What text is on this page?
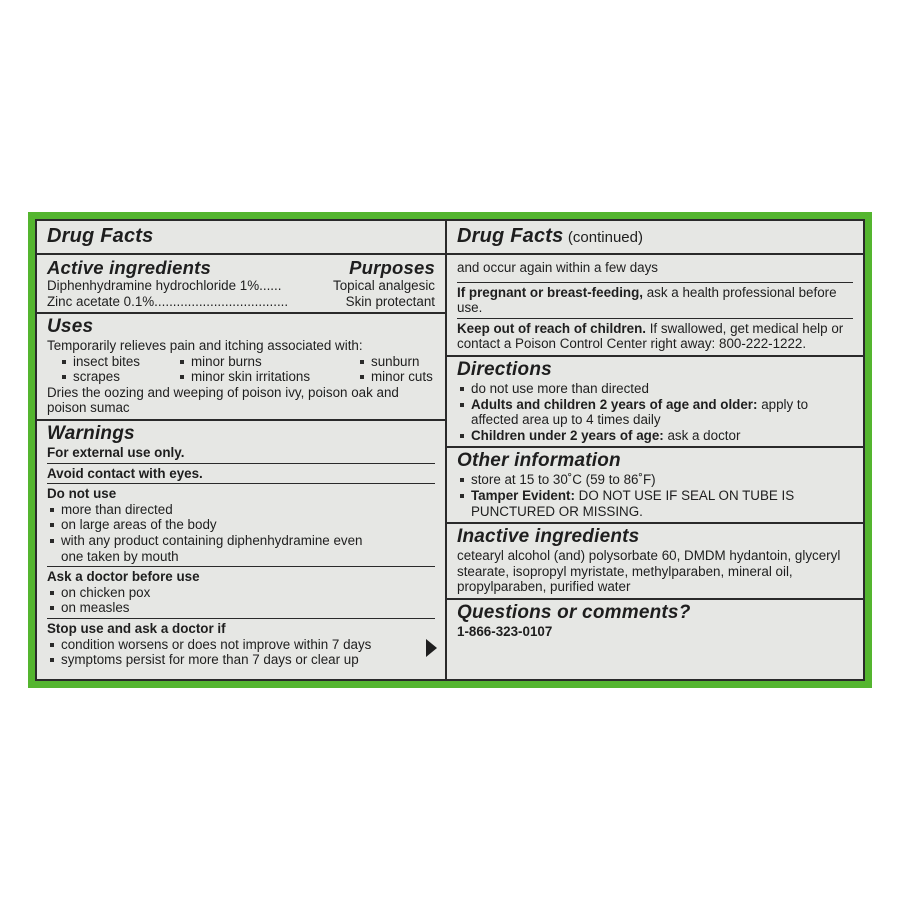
Drug Facts
Active ingredients	Purposes
Diphenhydramine hydrochloride 1%......	Topical analgesic
Zinc acetate 0.1%....................................	Skin protectant
Uses
Temporarily relieves pain and itching associated with:
insect bites	minor burns	sunburn
scrapes	minor skin irritations	minor cuts
Dries the oozing and weeping of poison ivy, poison oak and poison sumac
Warnings
For external use only.
Avoid contact with eyes.
Do not use
more than directed
on large areas of the body
with any product containing diphenhydramine even one taken by mouth
Ask a doctor before use
on chicken pox
on measles
Stop use and ask a doctor if
condition worsens or does not improve within 7 days
symptoms persist for more than 7 days or clear up
Drug Facts (continued)
and occur again within a few days
If pregnant or breast-feeding, ask a health professional before use.
Keep out of reach of children. If swallowed, get medical help or contact a Poison Control Center right away: 800-222-1222.
Directions
do not use more than directed
Adults and children 2 years of age and older: apply to affected area up to 4 times daily
Children under 2 years of age: ask a doctor
Other information
store at 15 to 30˚C (59 to 86˚F)
Tamper Evident: DO NOT USE IF SEAL ON TUBE IS PUNCTURED OR MISSING.
Inactive ingredients
cetearyl alcohol (and) polysorbate 60, DMDM hydantoin, glyceryl stearate, isopropyl myristate, methylparaben, mineral oil, propylparaben, purified water
Questions or comments?
1-866-323-0107
